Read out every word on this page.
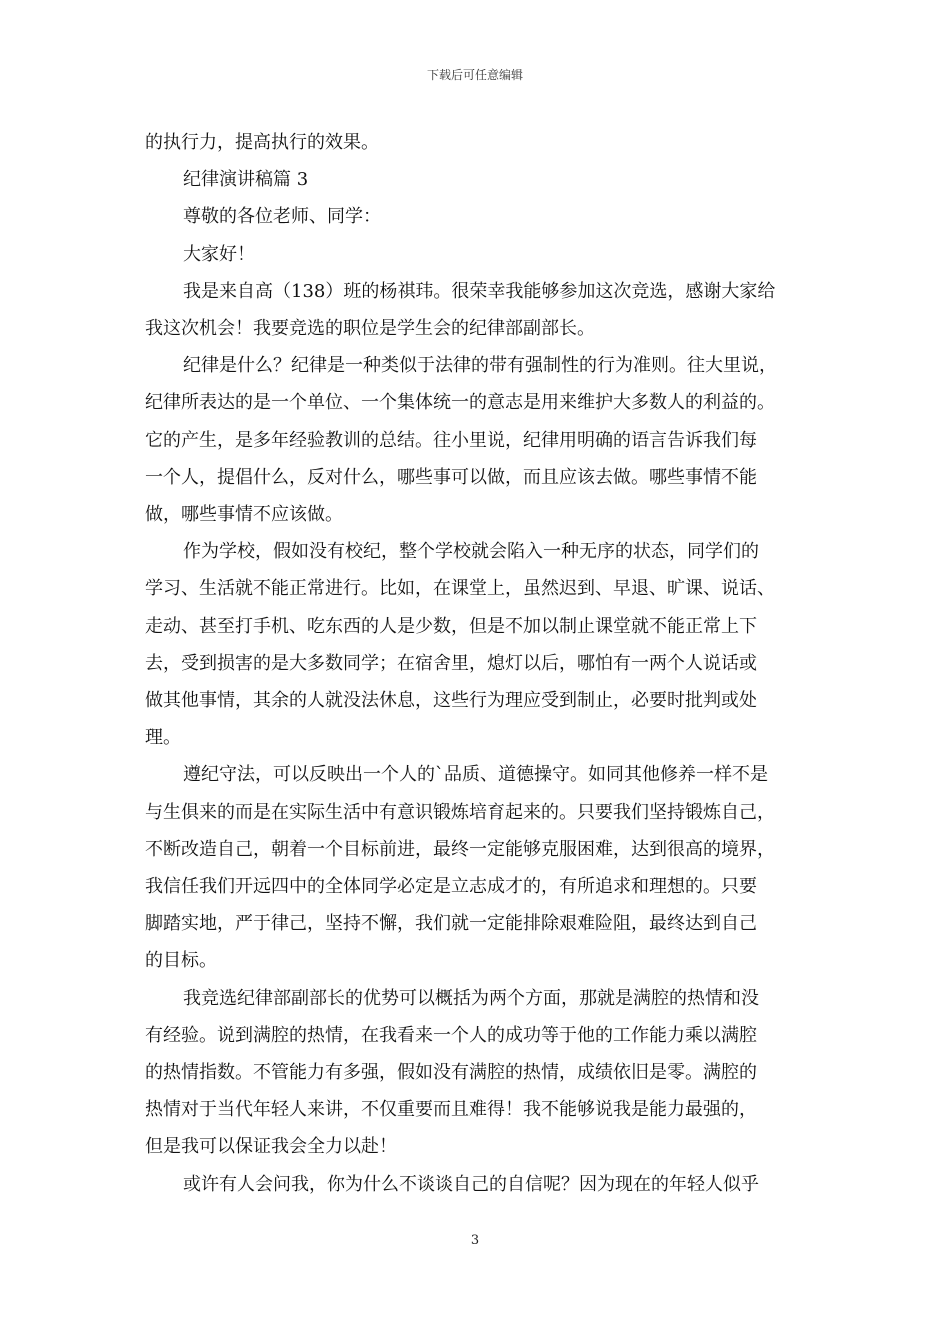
下载后可任意编辑
的执行力，提高执行的效果。
纪律演讲稿篇 3
尊敬的各位老师、同学：
大家好！
我是来自高（138）班的杨祺玮。很荣幸我能够参加这次竞选，感谢大家给
我这次机会！我要竞选的职位是学生会的纪律部副部长。
纪律是什么？纪律是一种类似于法律的带有强制性的行为准则。往大里说，
纪律所表达的是一个单位、一个集体统一的意志是用来维护大多数人的利益的。
它的产生，是多年经验教训的总结。往小里说，纪律用明确的语言告诉我们每
一个人，提倡什么，反对什么，哪些事可以做，而且应该去做。哪些事情不能
做，哪些事情不应该做。
作为学校，假如没有校纪，整个学校就会陷入一种无序的状态，同学们的
学习、生活就不能正常进行。比如，在课堂上，虽然迟到、早退、旷课、说话、
走动、甚至打手机、吃东西的人是少数，但是不加以制止课堂就不能正常上下
去，受到损害的是大多数同学；在宿舍里，熄灯以后，哪怕有一两个人说话或
做其他事情，其余的人就没法休息，这些行为理应受到制止，必要时批判或处
理。
遵纪守法，可以反映出一个人的`品质、道德操守。如同其他修养一样不是
与生俱来的而是在实际生活中有意识锻炼培育起来的。只要我们坚持锻炼自己，
不断改造自己，朝着一个目标前进，最终一定能够克服困难，达到很高的境界，
我信任我们开远四中的全体同学必定是立志成才的，有所追求和理想的。只要
脚踏实地，严于律己，坚持不懈，我们就一定能排除艰难险阻，最终达到自己
的目标。
我竞选纪律部副部长的优势可以概括为两个方面，那就是满腔的热情和没
有经验。说到满腔的热情，在我看来一个人的成功等于他的工作能力乘以满腔
的热情指数。不管能力有多强，假如没有满腔的热情，成绩依旧是零。满腔的
热情对于当代年轻人来讲，不仅重要而且难得！我不能够说我是能力最强的，
但是我可以保证我会全力以赴！
或许有人会问我，你为什么不谈谈自己的自信呢？因为现在的年轻人似乎
3
